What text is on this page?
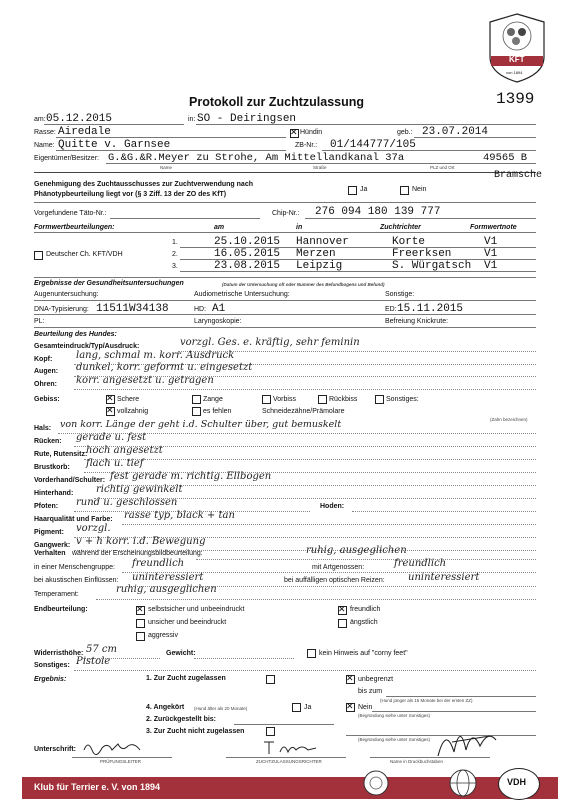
KFT
von 1894
Protokoll zur Zuchtzulassung	1399
am: 05.12.2015	in: SO - Deiringsen
Rasse: Airedale ✕	Hündin	geb.: 23.07.2014
Name: Quitte v. Garnsee	ZB-Nr.: 01/144777/105
Eigentümer/Besitzer: G.&G.&R.Meyer zu Strohe, Am Mittellandkanal 37a	49565 B
Name	Straße	PLZ und Ort
Bramsche
Genehmigung des Zuchtausschusses zur Zuchtverwendung nach
Phänotypbeurteilung liegt vor (§ 3 Ziff. 13 der ZO des KfT)
Ja	Nein
Vorgefundene Täto-Nr.:	Chip-Nr.: 276 094 180 139 777
Formwertbeurteilungen:	am	in	Zuchtrichter	Formwertnote
Deutscher Ch. KFT/VDH
1.	25.10.2015 Hannover	Korte	V1
2.	16.05.2015 Merzen	Freerksen	V1
3.	23.08.2015 Leipzig	S. Würgatsch V1
Ergebnisse der Gesundheitsuntersuchungen	(Datum der Untersuchung oft oder Nummer des Befundbogens und Befund)
Augenuntersuchung:	Audiometrische Untersuchung:	Sonstige:
DNA-Typisierung: 11511W34138	HD: A1	ED: 15.11.2015
PL:	Laryngoskopie:	Befreiung Knickrute:
Beurteilung des Hundes:
Gesamteindruck/Typ/Ausdruck:	vorzgl. Ges. e. kräftig, sehr feminin
Kopf: lang, schmal m. korr. Ausdruck
Augen: dunkel, korr. geformt u. eingesetzt
Ohren: korr. angesetzt u. getragen
Hals: von korr. Länge der geht i.d. Schulter über, gut bemuskelt
Rücken: gerade u. fest
Rute, Rutensitz:
hoch angesetzt
Brustkorb: flach u. tief
Vorderhand/Schulter: fest gerade m. richtig. Ellbogen
Hinterhand: richtig gewinkelt
Pfoten: rund u. geschlossen
Haarqualität und Farbe: rasse typ, black + tan
Pigment: vorzgl.
Gangwerk: v + h korr. i.d. Bewegung
Gebiss: ✕	Schere	Zange	Vorbiss	Rückbiss	Sonstiges:
✕
vollzahnig	es fehlen	Schneidezähne/Prämolare
(Zahn bezeichnen)
Hoden:
Verhalten während der Erscheinungsbildbeurteilung:	ruhig, ausgeglichen
in einer Menschengruppe: freundlich	mit Artgenossen:	freundlich
bei akustischen Einflüssen: uninteressiert	bei auffälligen optischen Reizen: uninteressiert
Temperament:	ruhig, ausgeglichen
Endbeurteilung: ✕	selbstsicher und unbeeindruckt ✕	freundlich
unsicher und beeindruckt	ängstlich
aggressiv
Widerristhöhe: 57 cm	Gewicht:	kein Hinweis auf "corny feet"
Sonstiges: Pistole
Ergebnis:	1. Zur Zucht zugelassen ✕	unbegrenzt
bis zum
(Hund jünger als 15 Monate bei der ersten ZZ)
4. Angekört (Hund älter als 20 Monate)	Ja ✕	Nein
(Begründung siehe unter Sonstiges)
2. Zurückgestellt bis:
3. Zur Zucht nicht zugelassen
(Begründung siehe unter Sonstiges)
Unterschrift:
PRÜFUNGSLEITER	ZUCHTZULASSUNGSRICHTER	Name in Druckbuchstaben
Klub für Terrier e. V. von 1894	VDH
